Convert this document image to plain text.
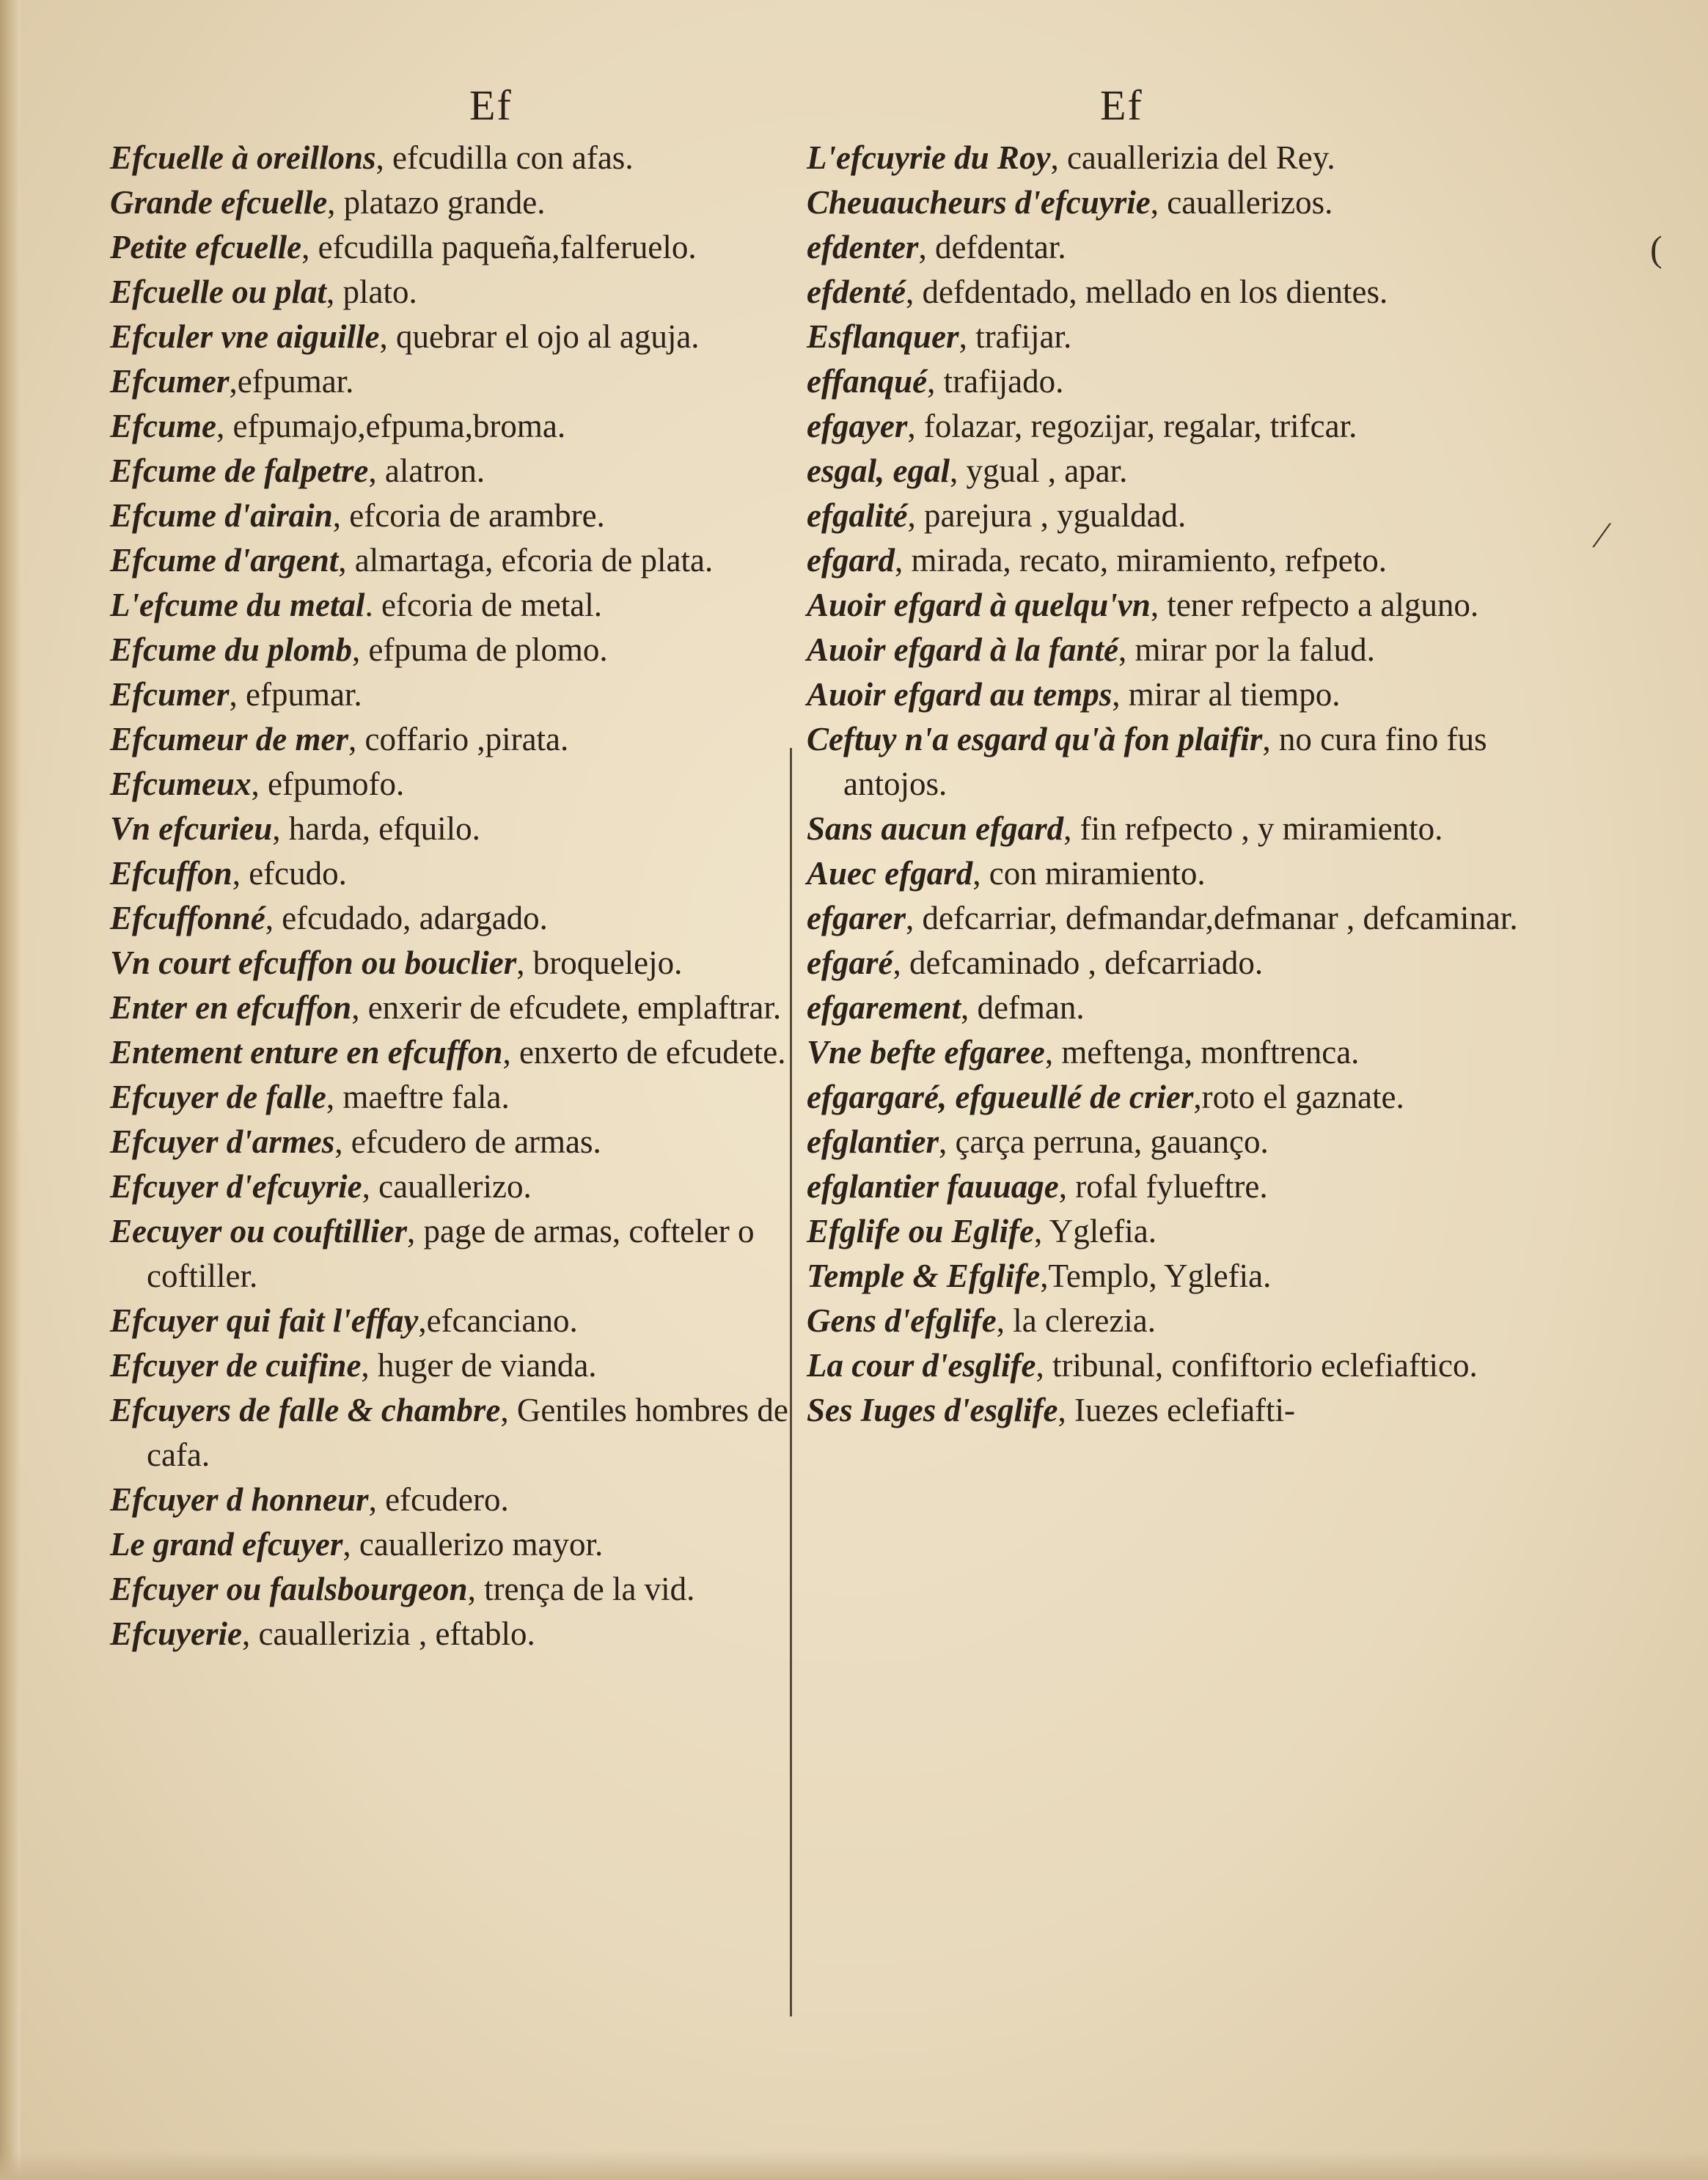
Ef	Ef

Efcuelle à oreillons, efcudilla con afas.

Grande efcuelle, platazo grande.

Petite efcuelle, efcudilla paqueña,falferuelo.

Efcuelle ou plat, plato.

Efculer vne aiguille, quebrar el ojo al aguja.

Efcumer,efpumar.

Efcume, efpumajo,efpuma,broma.

Efcume de falpetre, alatron.

Efcume d'airain, efcoria de arambre.

Efcume d'argent, almartaga, efcoria de plata.

L'efcume du metal. efcoria de metal.

Efcume du plomb, efpuma de plomo.

Efcumer, efpumar.

Efcumeur de mer, coffario ,pirata.

Efcumeux, efpumofo.

Vn efcurieu, harda, efquilo.

Efcuffon, efcudo.

Efcuffonné, efcudado, adargado.

Vn court efcuffon ou bouclier, broquelejo.

Enter en efcuffon, enxerir de efcudete, emplaftrar.

Entement enture en efcuffon, enxerto de efcudete.

Efcuyer de falle, maeftre fala.

Efcuyer d'armes, efcudero de armas.

Efcuyer d'efcuyrie, cauallerizo.

Eecuyer ou couftillier, page de armas, cofteler o coftiller.

Efcuyer qui fait l'effay,efcanciano.

Efcuyer de cuifine, huger de vianda.

Efcuyers de falle & chambre, Gentiles hombres de cafa.

Efcuyer d honneur, efcudero.

Le grand efcuyer, cauallerizo mayor.

Efcuyer ou faulsbourgeon, trença de la vid.

Efcuyerie, cauallerizia , eftablo.

L'efcuyrie du Roy, cauallerizia del Rey.

Cheuaucheurs d'efcuyrie, cauallerizos.

efdenter, defdentar.

efdenté, defdentado, mellado en los dientes.

Esflanquer, trafijar.

effanqué, trafijado.

efgayer, folazar, regozijar, regalar, trifcar.

esgal, egal, ygual , apar.

efgalité, parejura , ygualdad.

efgard, mirada, recato, miramiento, refpeto.

Auoir efgard à quelqu'vn, tener refpecto a alguno.

Auoir efgard à la fanté, mirar por la falud.

Auoir efgard au temps, mirar al tiempo.

Ceftuy n'a esgard qu'à fon plaifir, no cura fino fus antojos.

Sans aucun efgard, fin refpecto , y miramiento.

Auec efgard, con miramiento.

efgarer, defcarriar, defmandar,defmanar , defcaminar.

efgaré, defcaminado , defcarriado.

efgarement, defman.

Vne befte efgaree, meftenga, monftrenca.

efgargaré, efgueullé de crier,roto el gaznate.

efglantier, çarça perruna, gauanço.

efglantier fauuage, rofal fylueftre.

Efglife ou Eglife, Yglefia.

Temple & Efglife,Templo, Yglefia.

Gens d'efglife, la clerezia.

La cour d'esglife, tribunal, confiftorio eclefiaftico.

Ses Iuges d'esglife, Iuezes eclefiafti-

(
⁄
